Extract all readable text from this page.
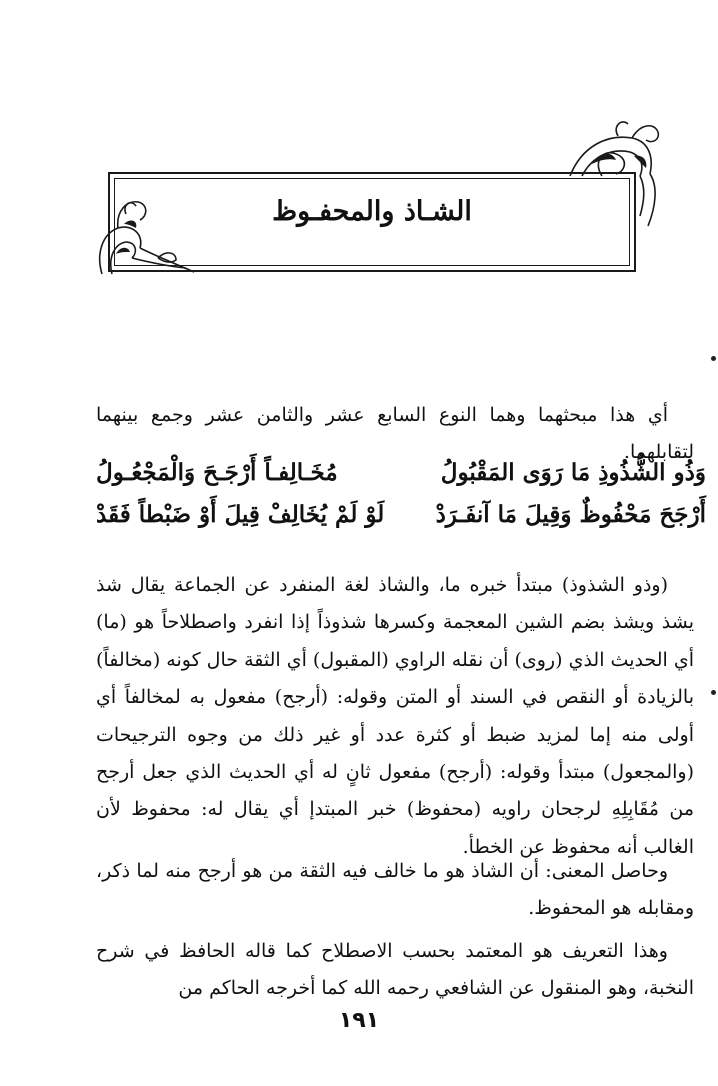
الشـاذ والمحفـوظ

أي هذا مبحثهما وهما النوع السابع عشر والثامن عشر وجمع بينهما لتقابلهما.

وَذُو الشُّذُوذِ مَا رَوَى المَقْبُولُ
مُخَـالِفـاً أَرْجَـحَ وَالْمَجْعُـولُ
أَرْجَحَ مَحْفُوظٌ وَقِيلَ مَا آنفَـرَدْ
لَوْ لَمْ يُخَالِفْ قِيلَ أَوْ ضَبْطاً فَقَدْ

(وذو الشذوذ) مبتدأ خبره ما، والشاذ لغة المنفرد عن الجماعة يقال شذ يشذ ويشذ بضم الشين المعجمة وكسرها شذوذاً إذا انفرد واصطلاحاً هو (ما) أي الحديث الذي (روى) أن نقله الراوي (المقبول) أي الثقة حال كونه (مخالفاً) بالزيادة أو النقص في السند أو المتن وقوله: (أرجح) مفعول به لمخالفاً أي أولى منه إما لمزيد ضبط أو كثرة عدد أو غير ذلك من وجوه الترجيحات (والمجعول) مبتدأ وقوله: (أرجح) مفعول ثانٍ له أي الحديث الذي جعل أرجح من مُقَابِلِهِ لرجحان راويه (محفوظ) خبر المبتدإ أي يقال له: محفوظ لأن الغالب أنه محفوظ عن الخطأ.

وحاصل المعنى: أن الشاذ هو ما خالف فيه الثقة من هو أرجح منه لما ذكر، ومقابله هو المحفوظ.

وهذا التعريف هو المعتمد بحسب الاصطلاح كما قاله الحافظ في شرح النخبة، وهو المنقول عن الشافعي رحمه الله كما أخرجه الحاكم من

١٩١
